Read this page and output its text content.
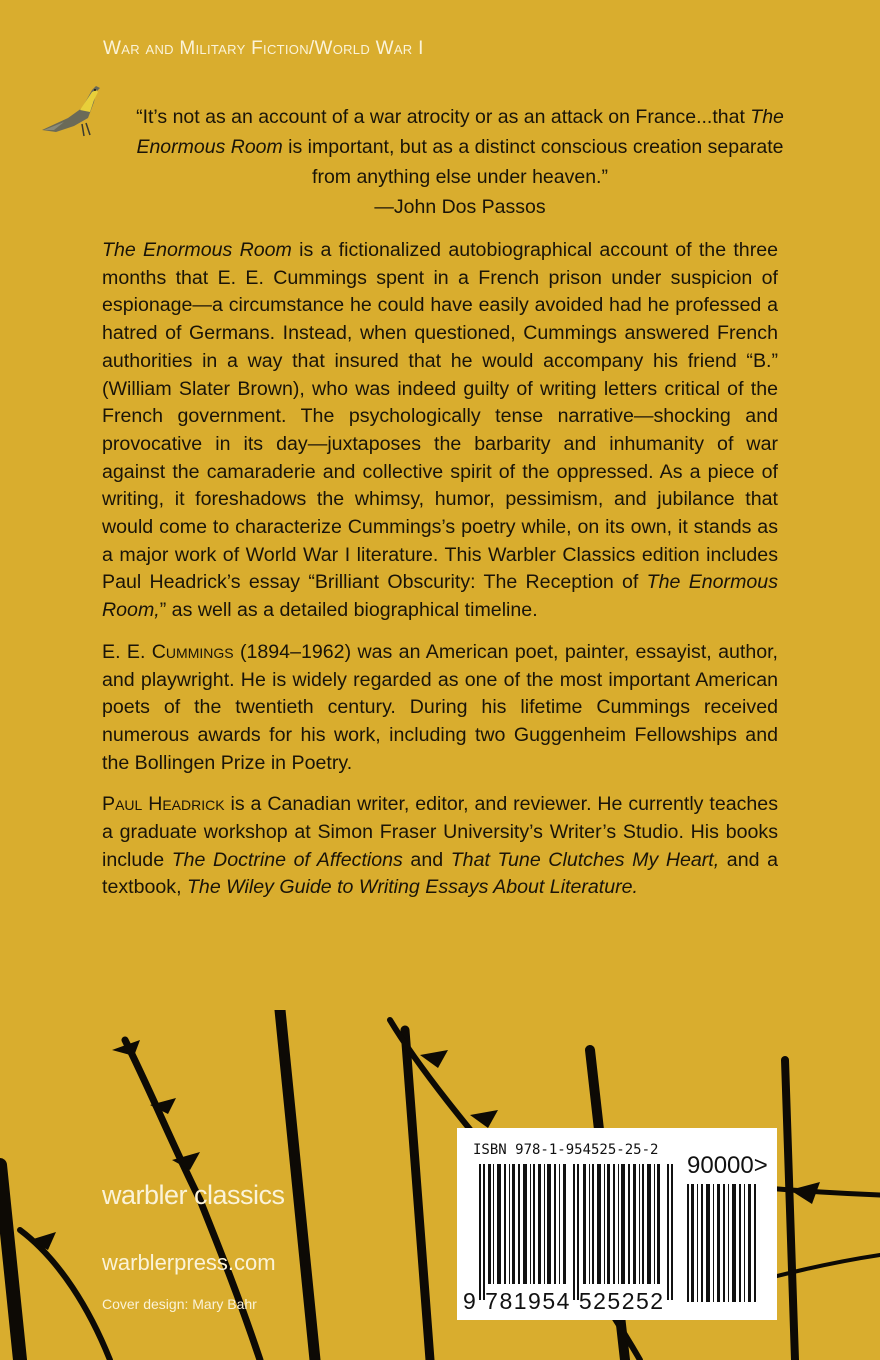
War and Military Fiction/World War I
“It’s not as an account of a war atrocity or as an attack on France...that The Enormous Room is important, but as a distinct conscious creation separate from anything else under heaven.”
—John Dos Passos

The Enormous Room is a fictionalized autobiographical account of the three months that E. E. Cummings spent in a French prison under suspicion of espionage—a circumstance he could have easily avoided had he professed a hatred of Germans. Instead, when questioned, Cummings answered French authorities in a way that insured that he would accompany his friend “B.” (William Slater Brown), who was indeed guilty of writing letters critical of the French government. The psychologically tense narrative—shocking and provocative in its day—juxtaposes the barbarity and inhumanity of war against the camaraderie and collective spirit of the oppressed. As a piece of writing, it foreshadows the whimsy, humor, pessimism, and jubilance that would come to characterize Cummings’s poetry while, on its own, it stands as a major work of World War I literature. This Warbler Classics edition includes Paul Headrick’s essay “Brilliant Obscurity: The Reception of The Enormous Room,” as well as a detailed biographical timeline.

E. E. Cummings (1894–1962) was an American poet, painter, essayist, author, and playwright. He is widely regarded as one of the most important American poets of the twentieth century. During his lifetime Cummings received numerous awards for his work, including two Guggenheim Fellowships and the Bollingen Prize in Poetry.

Paul Headrick is a Canadian writer, editor, and reviewer. He currently teaches a graduate workshop at Simon Fraser University’s Writer’s Studio. His books include The Doctrine of Affections and That Tune Clutches My Heart, and a textbook, The Wiley Guide to Writing Essays About Literature.

warbler classics
warblerpress.com
Cover design: Mary Bahr
ISBN 978-1-954525-25-2
90000>
9 781954 525252
